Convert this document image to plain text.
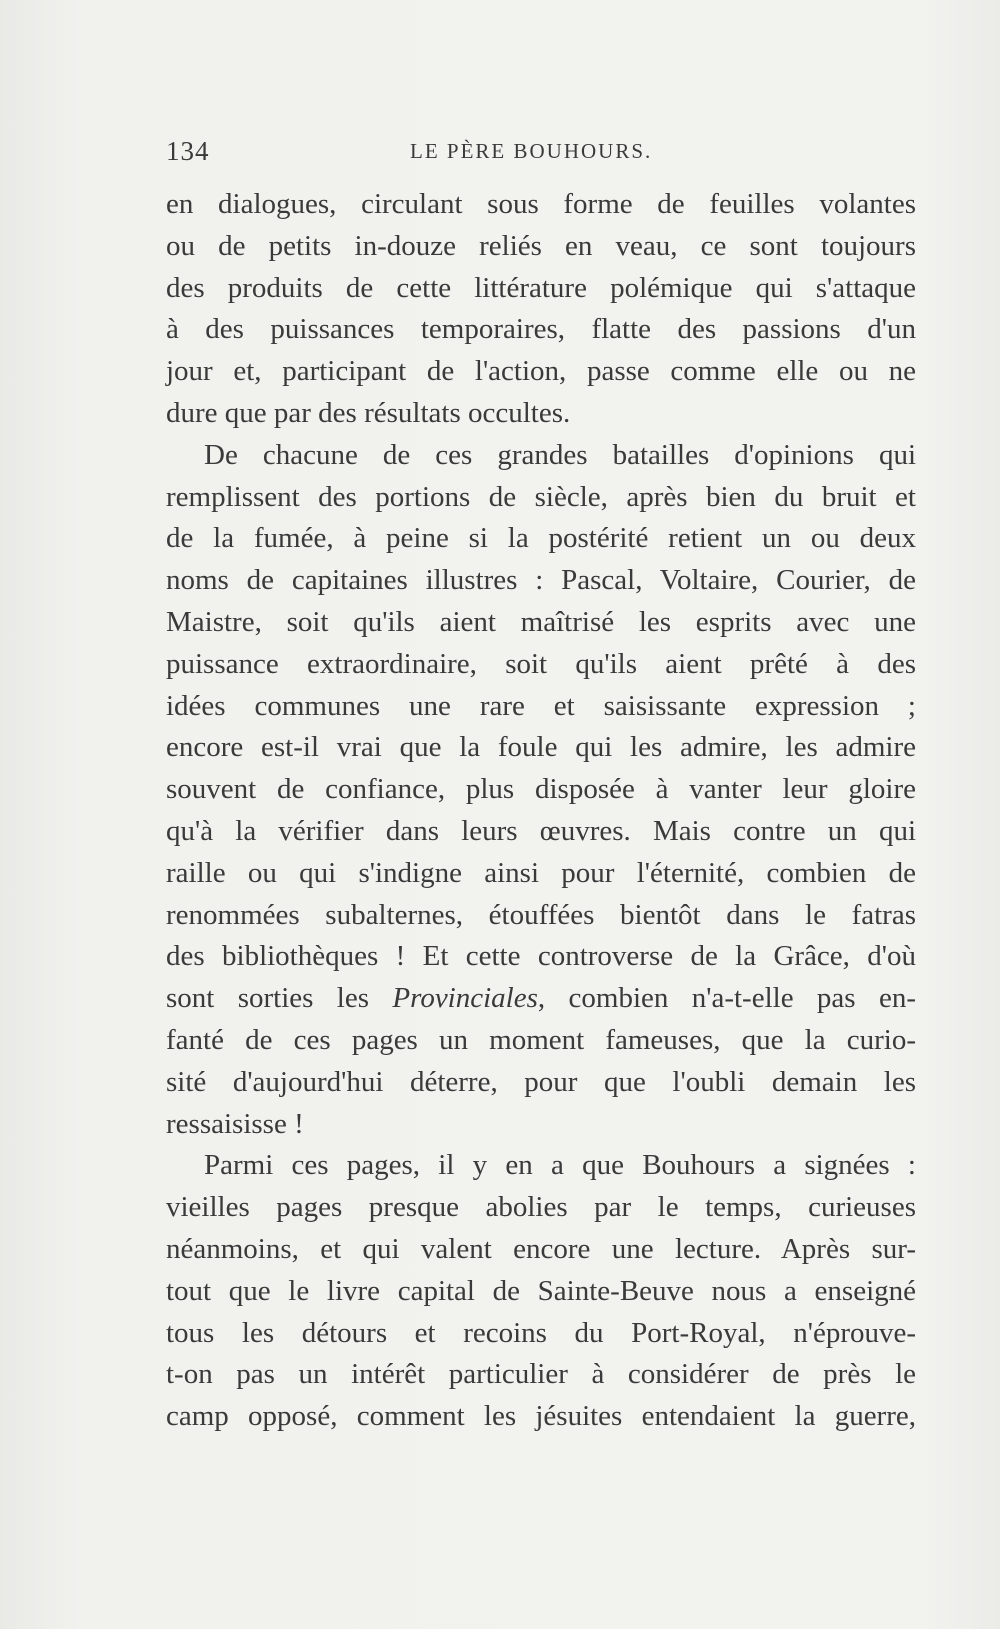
134	LE PÈRE BOUHOURS.
en dialogues, circulant sous forme de feuilles volantes
ou de petits in-douze reliés en veau, ce sont toujours
des produits de cette littérature polémique qui s'attaque
à des puissances temporaires, flatte des passions d'un
jour et, participant de l'action, passe comme elle ou ne
dure que par des résultats occultes.
De chacune de ces grandes batailles d'opinions qui
remplissent des portions de siècle, après bien du bruit et
de la fumée, à peine si la postérité retient un ou deux
noms de capitaines illustres : Pascal, Voltaire, Courier, de
Maistre, soit qu'ils aient maîtrisé les esprits avec une
puissance extraordinaire, soit qu'ils aient prêté à des
idées communes une rare et saisissante expression ;
encore est-il vrai que la foule qui les admire, les admire
souvent de confiance, plus disposée à vanter leur gloire
qu'à la vérifier dans leurs œuvres. Mais contre un qui
raille ou qui s'indigne ainsi pour l'éternité, combien de
renommées subalternes, étouffées bientôt dans le fatras
des bibliothèques ! Et cette controverse de la Grâce, d'où
sont sorties les Provinciales, combien n'a-t-elle pas en-
fanté de ces pages un moment fameuses, que la curio-
sité d'aujourd'hui déterre, pour que l'oubli demain les
ressaisisse !
Parmi ces pages, il y en a que Bouhours a signées :
vieilles pages presque abolies par le temps, curieuses
néanmoins, et qui valent encore une lecture. Après sur-
tout que le livre capital de Sainte-Beuve nous a enseigné
tous les détours et recoins du Port-Royal, n'éprouve-
t-on pas un intérêt particulier à considérer de près le
camp opposé, comment les jésuites entendaient la guerre,
